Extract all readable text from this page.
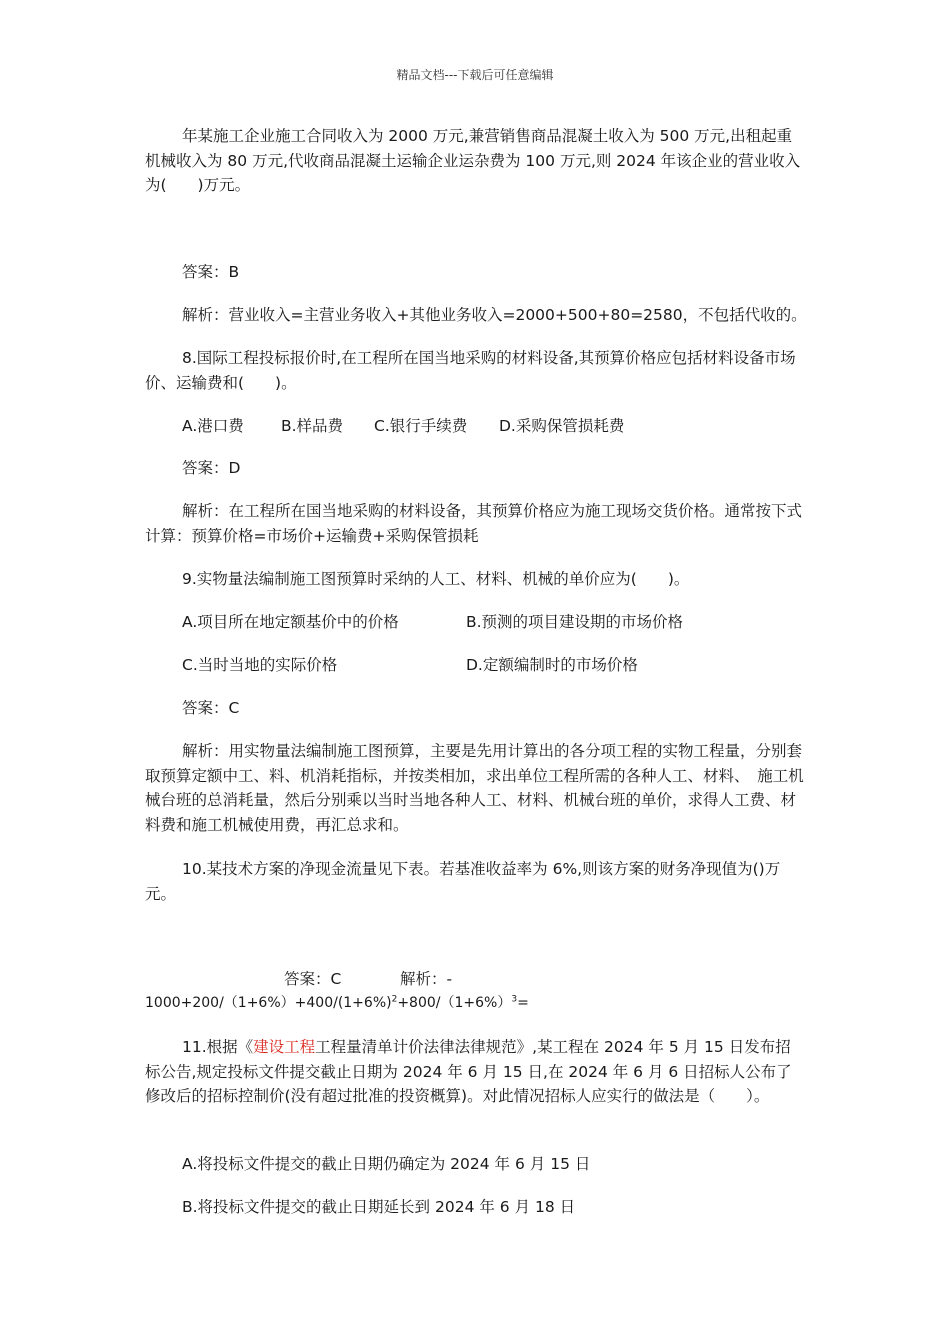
精品文档---下载后可任意编辑

年某施工企业施工合同收入为 2000 万元,兼营销售商品混凝土收入为 500 万元,出租起重机械收入为 80 万元,代收商品混凝土运输企业运杂费为 100 万元,则 2024 年该企业的营业收入为(　　)万元。

答案：B
解析：营业收入=主营业务收入+其他业务收入=2000+500+80=2580，不包括代收的。

8.国际工程投标报价时,在工程所在国当地采购的材料设备,其预算价格应包括材料设备市场价、运输费和(　　)。

A.港口费 B.样品费 C.银行手续费 D.采购保管损耗费
答案：D

解析：在工程所在国当地采购的材料设备，其预算价格应为施工现场交货价格。通常按下式　计算：预算价格=市场价+运输费+采购保管损耗

9.实物量法编制施工图预算时采纳的人工、材料、机械的单价应为(　　)。
A.项目所在地定额基价中的价格	B.预测的项目建设期的市场价格
C.当时当地的实际价格	D.定额编制时的市场价格
答案：C

解析：用实物量法编制施工图预算，主要是先用计算出的各分项工程的实物工程量，分别套　取预算定额中工、料、机消耗指标，并按类相加，求出单位工程所需的各种人工、材料、　施工机械台班的总消耗量，然后分别乘以当时当地各种人工、材料、机械台班的单价，求得人工费、材料费和施工机械使用费，再汇总求和。

10.某技术方案的净现金流量见下表。若基准收益率为 6%,则该方案的财务净现值为()万元。

答案：C	解析：-
$1000+200/(1+6\%)+400/(1+6\%)^2+800/(1+6\%)^3=$

11.根据《建设工程工程量清单计价法律法律规范》,某工程在 2024 年 5 月 15 日发布招标公告,规定投标文件提交截止日期为 2024 年 6 月 15 日,在 2024 年 6 月 6 日招标人公布了修改后的招标控制价(没有超过批准的投资概算)。对此情况招标人应实行的做法是（　　）。

A.将投标文件提交的截止日期仍确定为 2024 年 6 月 15 日
B.将投标文件提交的截止日期延长到 2024 年 6 月 18 日
